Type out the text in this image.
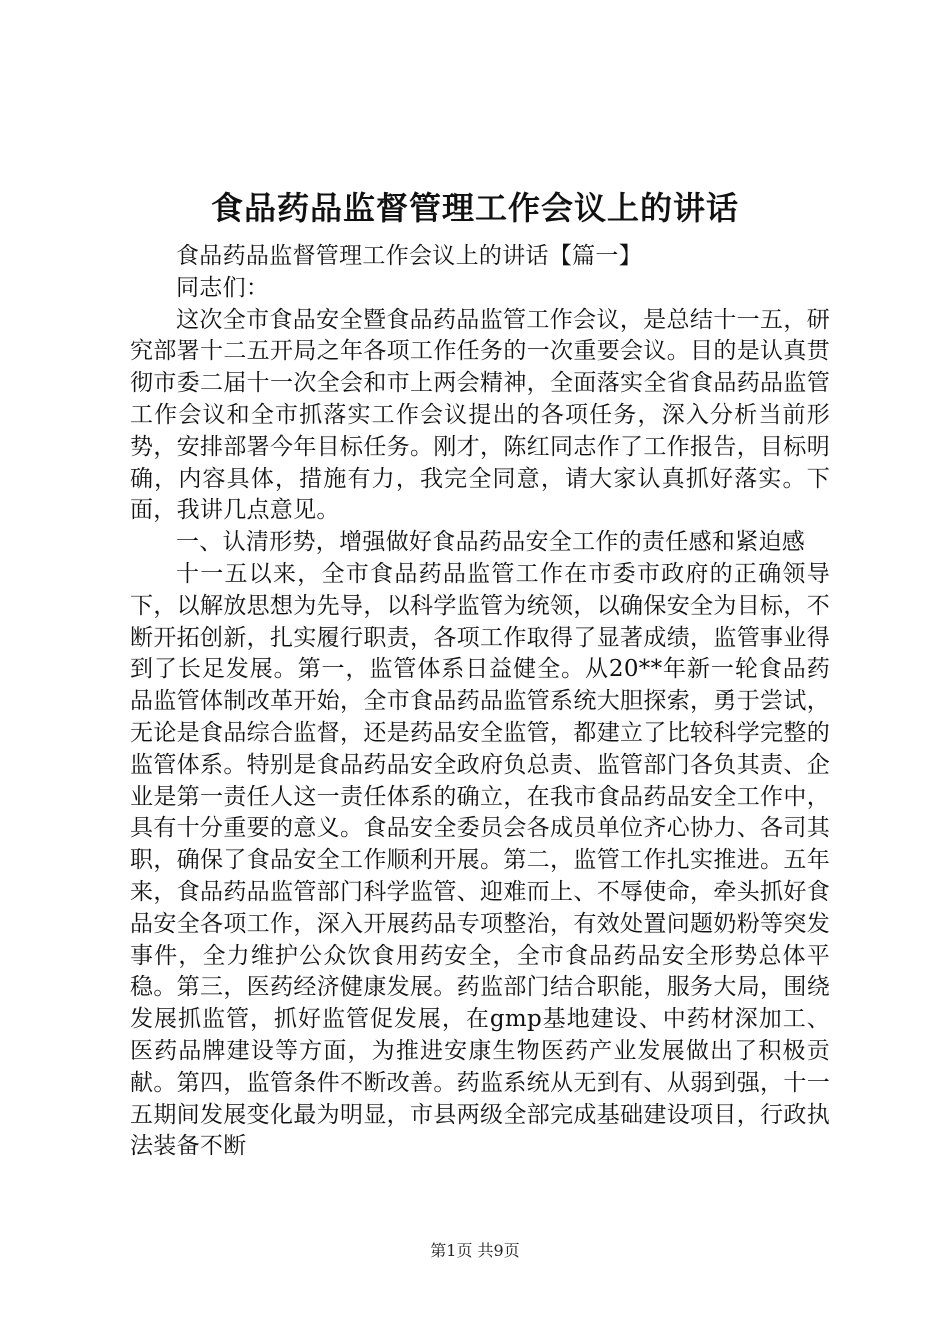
食品药品监督管理工作会议上的讲话

食品药品监督管理工作会议上的讲话【篇一】

同志们：

这次全市食品安全暨食品药品监管工作会议，是总结十一五，研究部署十二五开局之年各项工作任务的一次重要会议。目的是认真贯彻市委二届十一次全会和市上两会精神，全面落实全省食品药品监管工作会议和全市抓落实工作会议提出的各项任务，深入分析当前形势，安排部署今年目标任务。刚才，陈红同志作了工作报告，目标明确，内容具体，措施有力，我完全同意，请大家认真抓好落实。下面，我讲几点意见。

一、认清形势，增强做好食品药品安全工作的责任感和紧迫感

十一五以来，全市食品药品监管工作在市委市政府的正确领导下，以解放思想为先导，以科学监管为统领，以确保安全为目标，不断开拓创新，扎实履行职责，各项工作取得了显著成绩，监管事业得到了长足发展。第一，监管体系日益健全。从20**年新一轮食品药品监管体制改革开始，全市食品药品监管系统大胆探索，勇于尝试，无论是食品综合监督，还是药品安全监管，都建立了比较科学完整的监管体系。特别是食品药品安全政府负总责、监管部门各负其责、企业是第一责任人这一责任体系的确立，在我市食品药品安全工作中，具有十分重要的意义。食品安全委员会各成员单位齐心协力、各司其职，确保了食品安全工作顺利开展。第二，监管工作扎实推进。五年来，食品药品监管部门科学监管、迎难而上、不辱使命，牵头抓好食品安全各项工作，深入开展药品专项整治，有效处置问题奶粉等突发事件，全力维护公众饮食用药安全，全市食品药品安全形势总体平稳。第三，医药经济健康发展。药监部门结合职能，服务大局，围绕发展抓监管，抓好监管促发展，在gmp基地建设、中药材深加工、医药品牌建设等方面，为推进安康生物医药产业发展做出了积极贡献。第四，监管条件不断改善。药监系统从无到有、从弱到强，十一五期间发展变化最为明显，市县两级全部完成基础建设项目，行政执法装备不断

第1页 共9页
